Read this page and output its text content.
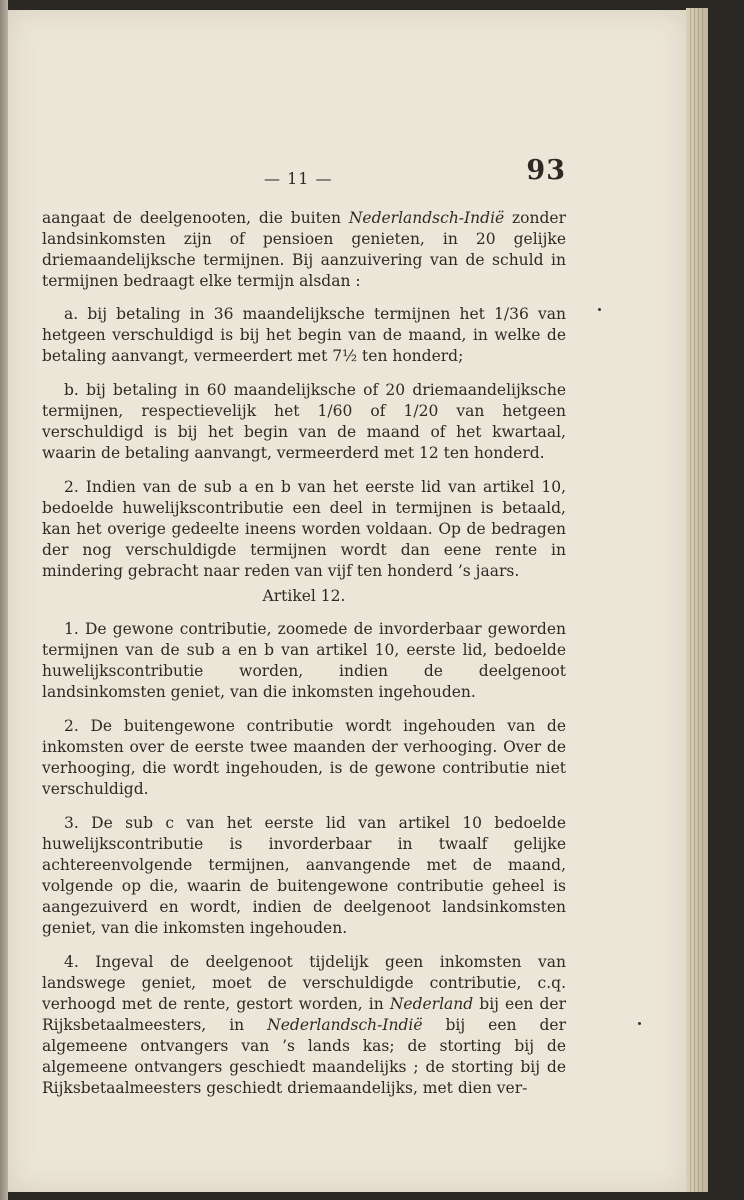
— 11 —	93

aangaat de deelgenooten, die buiten Nederlandsch-Indië zonder landsinkomsten zijn of pensioen genieten, in 20 gelijke driemaandelijksche termijnen. Bij aanzuivering van de schuld in termijnen bedraagt elke termijn alsdan :

a. bij betaling in 36 maandelijksche termijnen het 1/36 van hetgeen verschuldigd is bij het begin van de maand, in welke de betaling aanvangt, vermeerdert met 7½ ten honderd;

b. bij betaling in 60 maandelijksche of 20 driemaandelijksche termijnen, respectievelijk het 1/60 of 1/20 van hetgeen verschuldigd is bij het begin van de maand of het kwartaal, waarin de betaling aanvangt, vermeerderd met 12 ten honderd.

2. Indien van de sub a en b van het eerste lid van artikel 10, bedoelde huwelijkscontributie een deel in termijnen is betaald, kan het overige gedeelte ineens worden voldaan. Op de bedragen der nog verschuldigde termijnen wordt dan eene rente in mindering gebracht naar reden van vijf ten honderd ’s jaars.

Artikel 12.

1. De gewone contributie, zoomede de invorderbaar geworden termijnen van de sub a en b van artikel 10, eerste lid, bedoelde huwelijkscontributie worden, indien de deelgenoot landsinkomsten geniet, van die inkomsten ingehouden.

2. De buitengewone contributie wordt ingehouden van de inkomsten over de eerste twee maanden der verhooging. Over de verhooging, die wordt ingehouden, is de gewone contributie niet verschuldigd.

3. De sub c van het eerste lid van artikel 10 bedoelde huwelijkscontributie is invorderbaar in twaalf gelijke achtereenvolgende termijnen, aanvangende met de maand, volgende op die, waarin de buitengewone contributie geheel is aangezuiverd en wordt, indien de deelgenoot landsinkomsten geniet, van die inkomsten ingehouden.

4. Ingeval de deelgenoot tijdelijk geen inkomsten van landswege geniet, moet de verschuldigde contributie, c.q. verhoogd met de rente, gestort worden, in Nederland bij een der Rijksbetaalmeesters, in Nederlandsch-Indië bij een der algemeene ontvangers van ’s lands kas; de storting bij de algemeene ontvangers geschiedt maandelijks ; de storting bij de Rijksbetaalmeesters geschiedt driemaandelijks, met dien ver-
